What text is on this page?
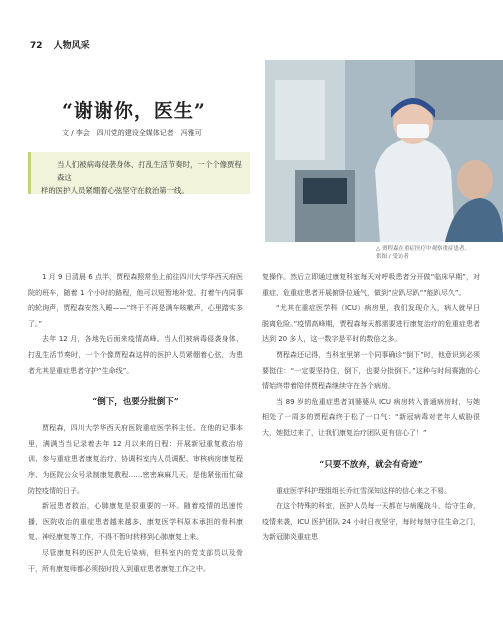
72 人物风采
“谢谢你，医生”
文 / 李会　四川党的建设全媒体记者　冯雅可
当人们被病毒侵袭身体、打乱生活节奏时，一个个像贾程森这
样的医护人员紧绷着心弦坚守在救治第一线。
△ 贾程森在重症医疗中观察重症患者。
供图 / 受访者

1 月 9 日清晨 6 点半，贾程森照常坐上前往四川大学华西天府医院的班车，随着 1 个小时的路程，他可以短暂地补觉。打着午内同事的轮询声，贾程森安然入睡——“终于不再是满车咳嗽声，心里踏实多了。”

去年 12 月，各地先后面来疫情高峰。当人们被病毒侵袭身体、打乱生活节奏时，一个个像贾程森这样的医护人员紧绷着心弦，为患者尤其是重症患者守护“生命线”。

“倒下，也要分批倒下”

贾程森，四川大学华西天府医院重症医学科主任。在他的记事本里，满满当当记录着去年 12 月以来的日程：开展新冠重复救治培训、参与重症患者康复治疗、协调科室内人员调配、审核病房康复程序、为医院公众号录制康复教程……密密麻麻几天，是他紧张而忙碌防控疫情的日子。

新冠患者救治，心肺康复是很重要的一环。随着疫情的迅速传播，医院收治的重症患者越来越多，康复医学科原本承担的骨科康复、神经康复等工作，不得不暂时转移到心肺康复上来。

尽管康复科的医护人员先后染病，但科室内的党支部员以及骨干，所有康复师都必须按时投入到重症患者康复工作之中。

复操作。然后立即通过康复科室每天对呼吸患者分开做“临床早期”，对重症、危重症患者开展俯卧位通气，做到“应趴尽趴”“能趴尽久”。

“尤其在重症医学科（ICU）病房里，我们发现介入，病人就早日脱离危险。”疫情高峰期，贾程森每天都需要进行康复治疗的危重症患者达到 20 多人，这一数字是平时的数倍之多。

贾程森还记得，当科室里第一个同事确诊“倒下”时，他意识到必须要挺住：“一定要坚持住，倒下，也要分批倒下。”这种与时间赛跑的心情始终带着陪伴贾程森继续守在各个病房。

当 89 岁的危重症患者刘婆婆从 ICU 病房转入普通病房时，与她相处了一周多的贾程森终于松了一口气：“新冠病毒对老年人威胁很大，她挺过来了，让我们康复治疗团队更有信心了！”

“只要不放弃，就会有奇迹”

重症医学科护理组组长乔红雪深知这样的信心来之不易。

在这个特殊的科室，医护人员每一天都在与病魔战斗，给守生命，疫情来袭，ICU 医护团队 24 小时日夜坚守，每时每刻守住生命之门，为新冠肺炎重症患
